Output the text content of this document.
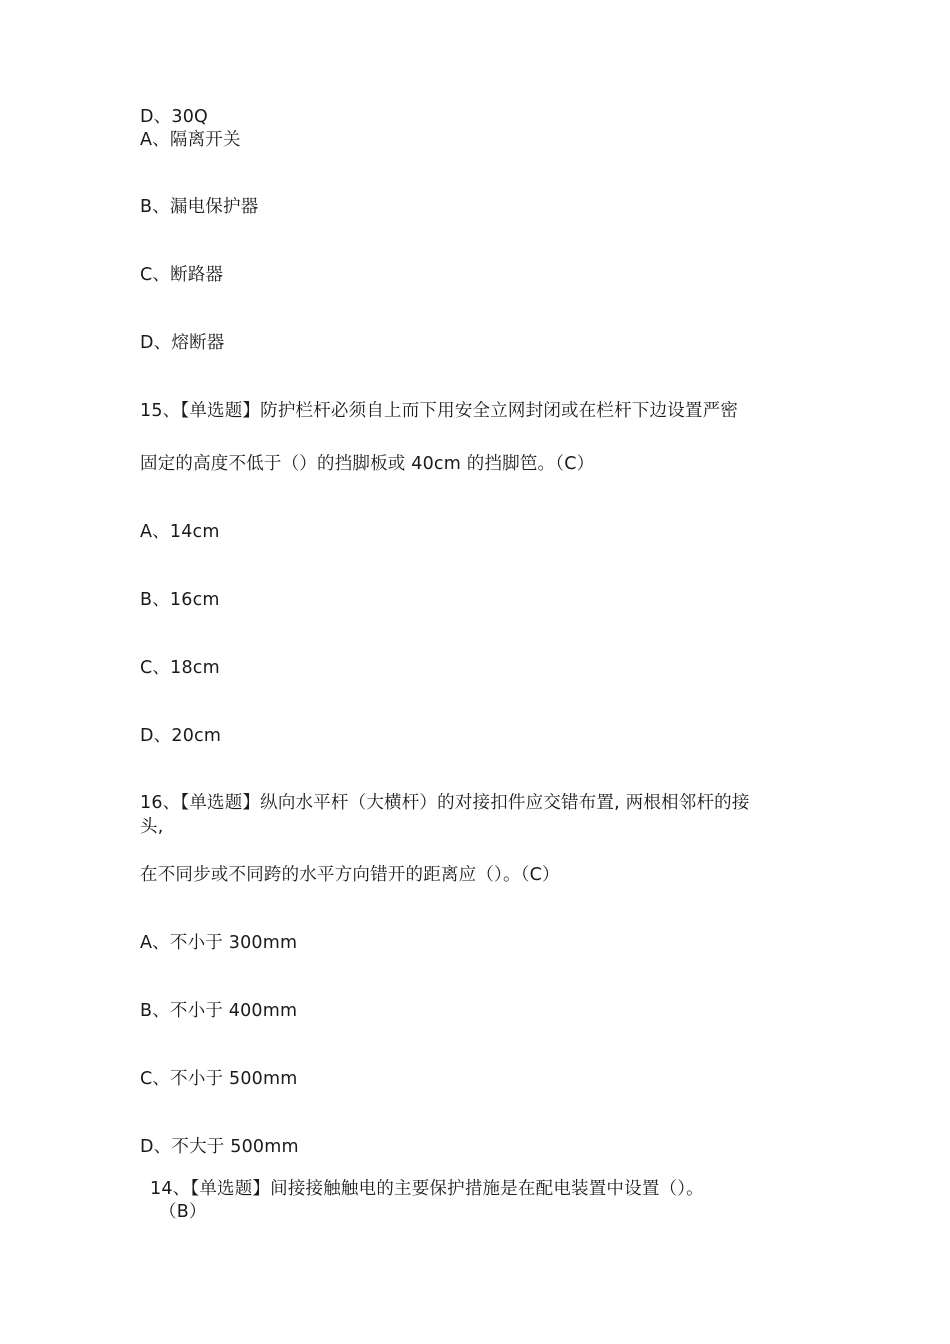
D、30Q
A、隔离开关
B、漏电保护器
C、断路器
D、熔断器
15、【单选题】防护栏杆必须自上而下用安全立网封闭或在栏杆下边设置严密
固定的高度不低于（）的挡脚板或 40cm 的挡脚笆。（C）
A、14cm
B、16cm
C、18cm
D、20cm
16、【单选题】纵向水平杆（大横杆）的对接扣件应交错布置, 两根相邻杆的接
头,
在不同步或不同跨的水平方向错开的距离应（）。（C）
A、不小于 300mm
B、不小于 400mm
C、不小于 500mm
D、不大于 500mm
14、【单选题】间接接触触电的主要保护措施是在配电装置中设置（）。
（B）
